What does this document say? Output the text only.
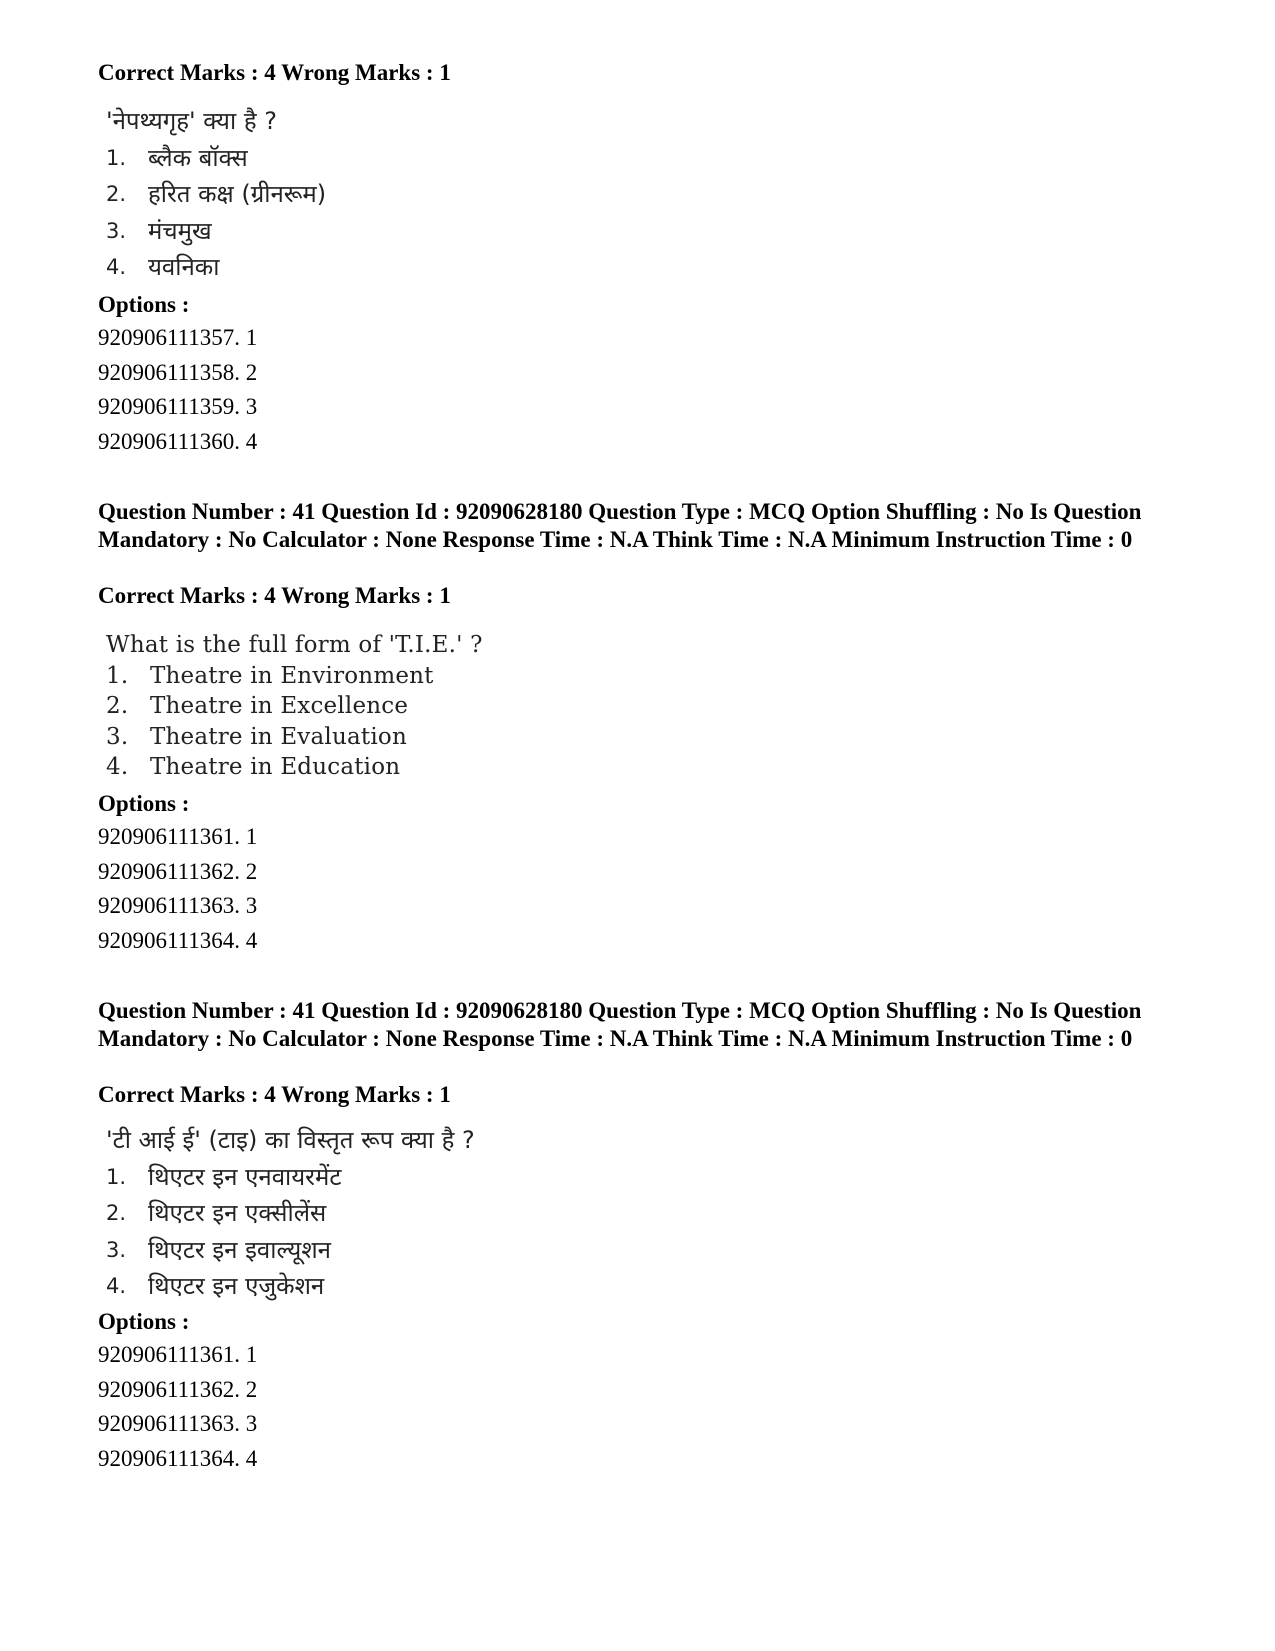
Correct Marks : 4 Wrong Marks : 1

'नेपथ्यगृह' क्या है ?

1. ब्लैक बॉक्स
2. हरित कक्ष (ग्रीनरूम)
3. मंचमुख
4. यवनिका

Options :

920906111357. 1

920906111358. 2

920906111359. 3

920906111360. 4

Question Number : 41 Question Id : 92090628180 Question Type : MCQ Option Shuffling : No Is Question Mandatory : No Calculator : None Response Time : N.A Think Time : N.A Minimum Instruction Time : 0

Correct Marks : 4 Wrong Marks : 1

What is the full form of 'T.I.E.' ?

1. Theatre in Environment
2. Theatre in Excellence
3. Theatre in Evaluation
4. Theatre in Education

Options :

920906111361. 1

920906111362. 2

920906111363. 3

920906111364. 4

Question Number : 41 Question Id : 92090628180 Question Type : MCQ Option Shuffling : No Is Question Mandatory : No Calculator : None Response Time : N.A Think Time : N.A Minimum Instruction Time : 0

Correct Marks : 4 Wrong Marks : 1

'टी आई ई' (टाइ) का विस्तृत रूप क्या है ?

1. थिएटर इन एनवायरमेंट
2. थिएटर इन एक्सीलेंस
3. थिएटर इन इवाल्यूशन
4. थिएटर इन एजुकेशन

Options :

920906111361. 1

920906111362. 2

920906111363. 3

920906111364. 4
